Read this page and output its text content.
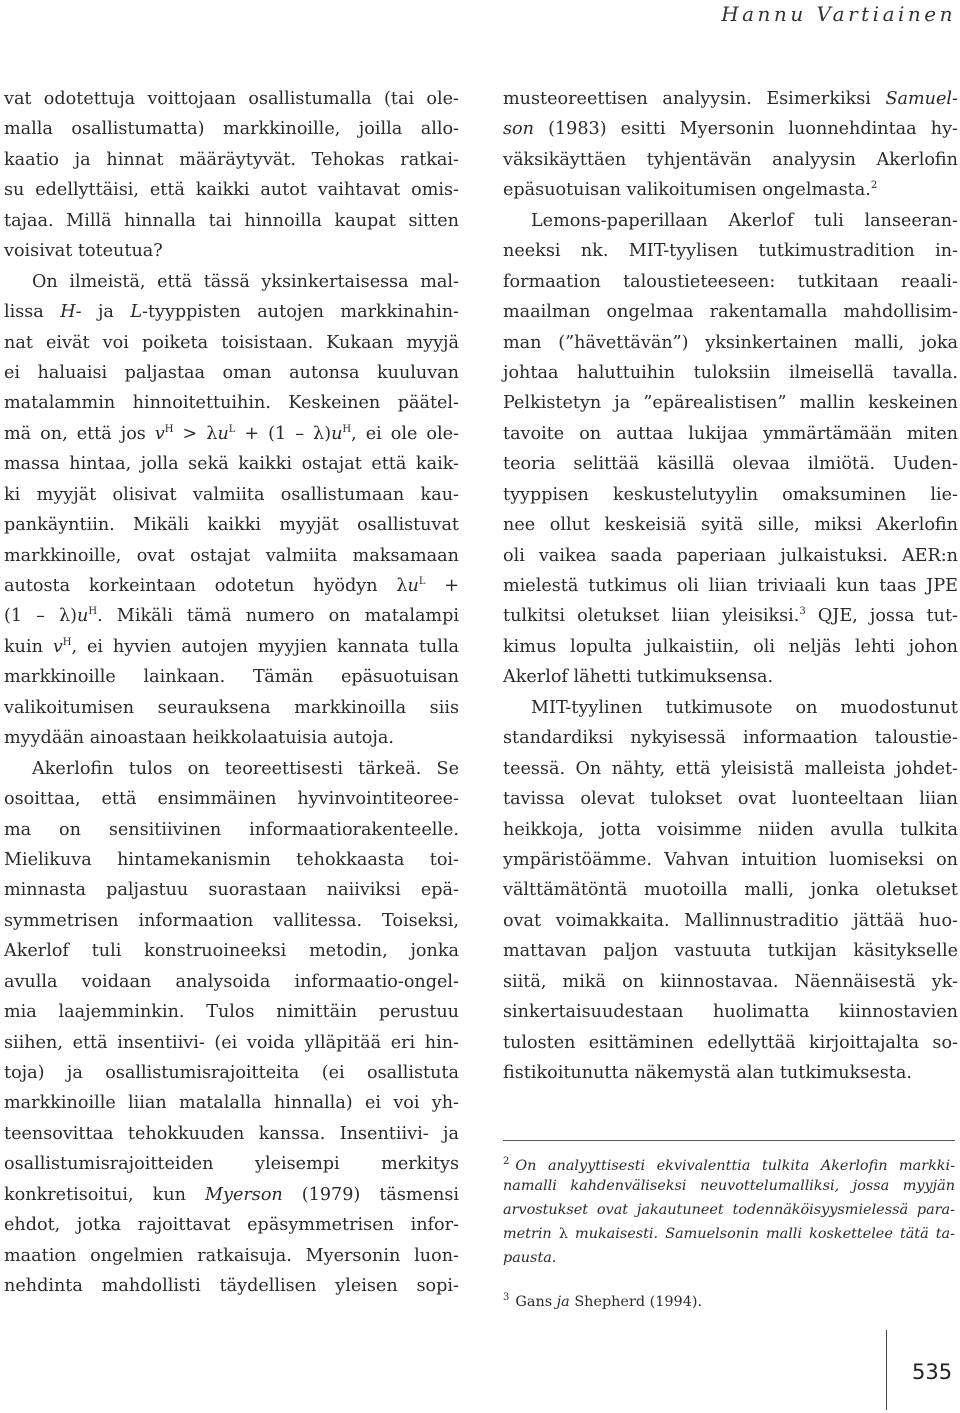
Hannu Vartiainen
vat odotettuja voittojaan osallistumalla (tai ole-
malla osallistumatta) markkinoille, joilla allo-
kaatio ja hinnat määräytyvät. Tehokas ratkai-
su edellyttäisi, että kaikki autot vaihtavat omis-
tajaa. Millä hinnalla tai hinnoilla kaupat sitten
voisivat toteutua?
On ilmeistä, että tässä yksinkertaisessa mal-
lissa H- ja L-tyyppisten autojen markkinahin-
nat eivät voi poiketa toisistaan. Kukaan myyjä
ei haluaisi paljastaa oman autonsa kuuluvan
matalammin hinnoitettuihin. Keskeinen päätel-
mä on, että jos $v^H > \lambda u^L + (1 - \lambda)u^H$, ei ole ole-
massa hintaa, jolla sekä kaikki ostajat että kaik-
ki myyjät olisivat valmiita osallistumaan kau-
pankäyntiin. Mikäli kaikki myyjät osallistuvat
markkinoille, ovat ostajat valmiita maksamaan
autosta korkeintaan odotetun hyödyn $\lambda u^L$ +
$(1 - \lambda)u^H$. Mikäli tämä numero on matalampi
kuin $v^H$, ei hyvien autojen myyjien kannata tulla
markkinoille lainkaan. Tämän epäsuotuisan
valikoitumisen seurauksena markkinoilla siis
myydään ainoastaan heikkolaatuisia autoja.
Akerlofin tulos on teoreettisesti tärkeä. Se
osoittaa, että ensimmäinen hyvinvointiteoree-
ma on sensitiivinen informaatiorakenteelle.
Mielikuva hintamekanismin tehokkaasta toi-
minnasta paljastuu suorastaan naiiviksi epä-
symmetrisen informaation vallitessa. Toiseksi,
Akerlof tuli konstruoineeksi metodin, jonka
avulla voidaan analysoida informaatio-ongel-
mia laajemminkin. Tulos nimittäin perustuu
siihen, että insentiivi- (ei voida ylläpitää eri hin-
toja) ja osallistumisrajoitteita (ei osallistuta
markkinoille liian matalalla hinnalla) ei voi yh-
teensovittaa tehokkuuden kanssa. Insentiivi- ja
osallistumisrajoitteiden yleisempi merkitys
konkretisoitui, kun Myerson (1979) täsmensi
ehdot, jotka rajoittavat epäsymmetrisen infor-
maation ongelmien ratkaisuja. Myersonin luon-
nehdinta mahdollisti täydellisen yleisen sopi-
musteoreettisen analyysin. Esimerkiksi Samuel-
son (1983) esitti Myersonin luonnehdintaa hy-
väksikäyttäen tyhjentävän analyysin Akerlofin
epäsuotuisan valikoitumisen ongelmasta.$^2$
Lemons-paperillaan Akerlof tuli lanseeran-
neeksi nk. MIT-tyylisen tutkimustradition in-
formaation taloustieteeseen: tutkitaan reaali-
maailman ongelmaa rakentamalla mahdollisim-
man (”hävettävän”) yksinkertainen malli, joka
johtaa haluttuihin tuloksiin ilmeisellä tavalla.
Pelkistetyn ja ”epärealistisen” mallin keskeinen
tavoite on auttaa lukijaa ymmärtämään miten
teoria selittää käsillä olevaa ilmiötä. Uuden-
tyyppisen keskustelutyylin omaksuminen lie-
nee ollut keskeisiä syitä sille, miksi Akerlofin
oli vaikea saada paperiaan julkaistuksi. AER:n
mielestä tutkimus oli liian triviaali kun taas JPE
tulkitsi oletukset liian yleisiksi.$^3$ QJE, jossa tut-
kimus lopulta julkaistiin, oli neljäs lehti johon
Akerlof lähetti tutkimuksensa.
MIT-tyylinen tutkimusote on muodostunut
standardiksi nykyisessä informaation taloustie-
teessä. On nähty, että yleisistä malleista johdet-
tavissa olevat tulokset ovat luonteeltaan liian
heikkoja, jotta voisimme niiden avulla tulkita
ympäristöämme. Vahvan intuition luomiseksi on
välttämätöntä muotoilla malli, jonka oletukset
ovat voimakkaita. Mallinnustraditio jättää huo-
mattavan paljon vastuuta tutkijan käsitykselle
siitä, mikä on kiinnostavaa. Näennäisestä yk-
sinkertaisuudestaan huolimatta kiinnostavien
tulosten esittäminen edellyttää kirjoittajalta so-
fistikoitunutta näkemystä alan tutkimuksesta.
$^2$ On analyyttisesti ekvivalenttia tulkita Akerlofin markki-
namalli kahdenväliseksi neuvottelumalliksi, jossa myyjän
arvostukset ovat jakautuneet todennäköisyysmielessä para-
metrin λ mukaisesti. Samuelsonin malli koskettelee tätä ta-
pausta.
$^3$ Gans ja Shepherd (1994).
535
